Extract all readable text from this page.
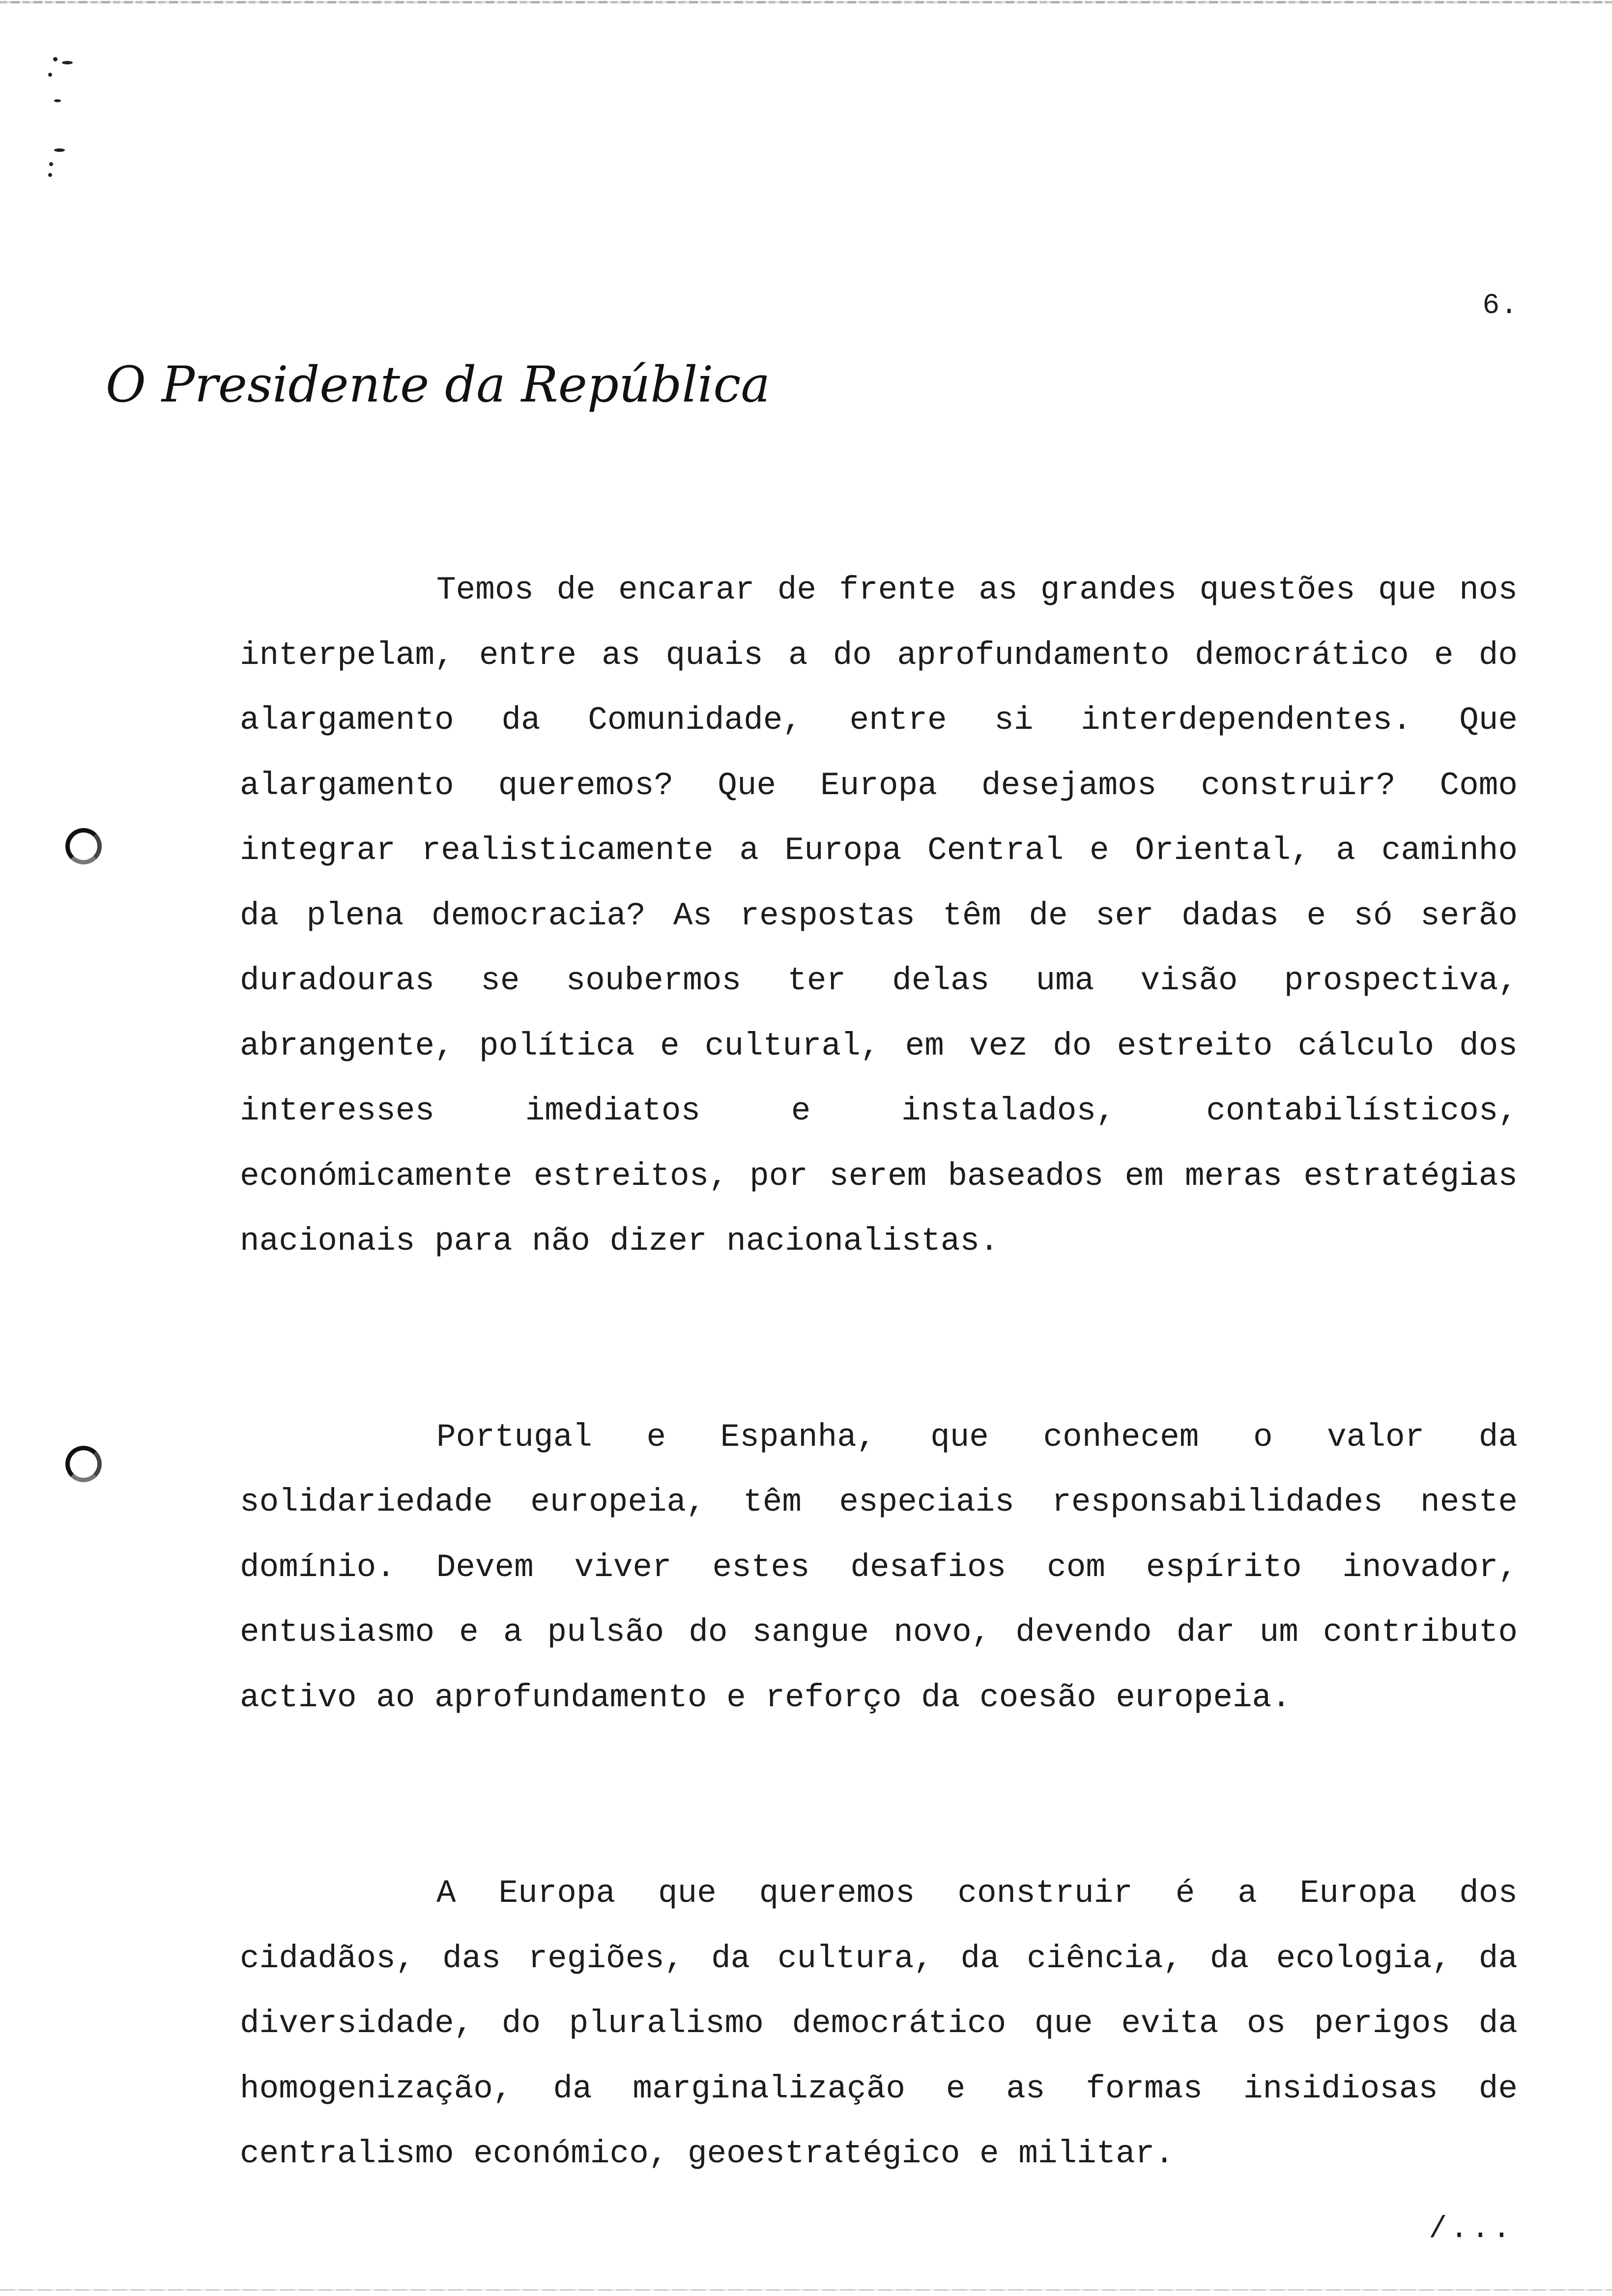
6.
O Presidente da República

Temos de encarar de frente as grandes questões que nos interpelam, entre as quais a do aprofundamento democrático e do alargamento da Comunidade, entre si interdependentes. Que alargamento queremos? Que Europa desejamos construir? Como integrar realisticamente a Europa Central e Oriental, a caminho da plena democracia? As respostas têm de ser dadas e só serão duradouras se soubermos ter delas uma visão prospectiva, abrangente, política e cultural, em vez do estreito cálculo dos interesses imediatos e instalados, contabilísticos, económicamente estreitos, por serem baseados em meras estratégias nacionais para não dizer nacionalistas.

Portugal e Espanha, que conhecem o valor da solidariedade europeia, têm especiais responsabilidades neste domínio. Devem viver estes desafios com espírito inovador, entusiasmo e a pulsão do sangue novo, devendo dar um contributo activo ao aprofundamento e reforço da coesão europeia.

A Europa que queremos construir é a Europa dos cidadãos, das regiões, da cultura, da ciência, da ecologia, da diversidade, do pluralismo democrático que evita os perigos da homogenização, da marginalização e as formas insidiosas de centralismo económico, geoestratégico e militar.

/...
